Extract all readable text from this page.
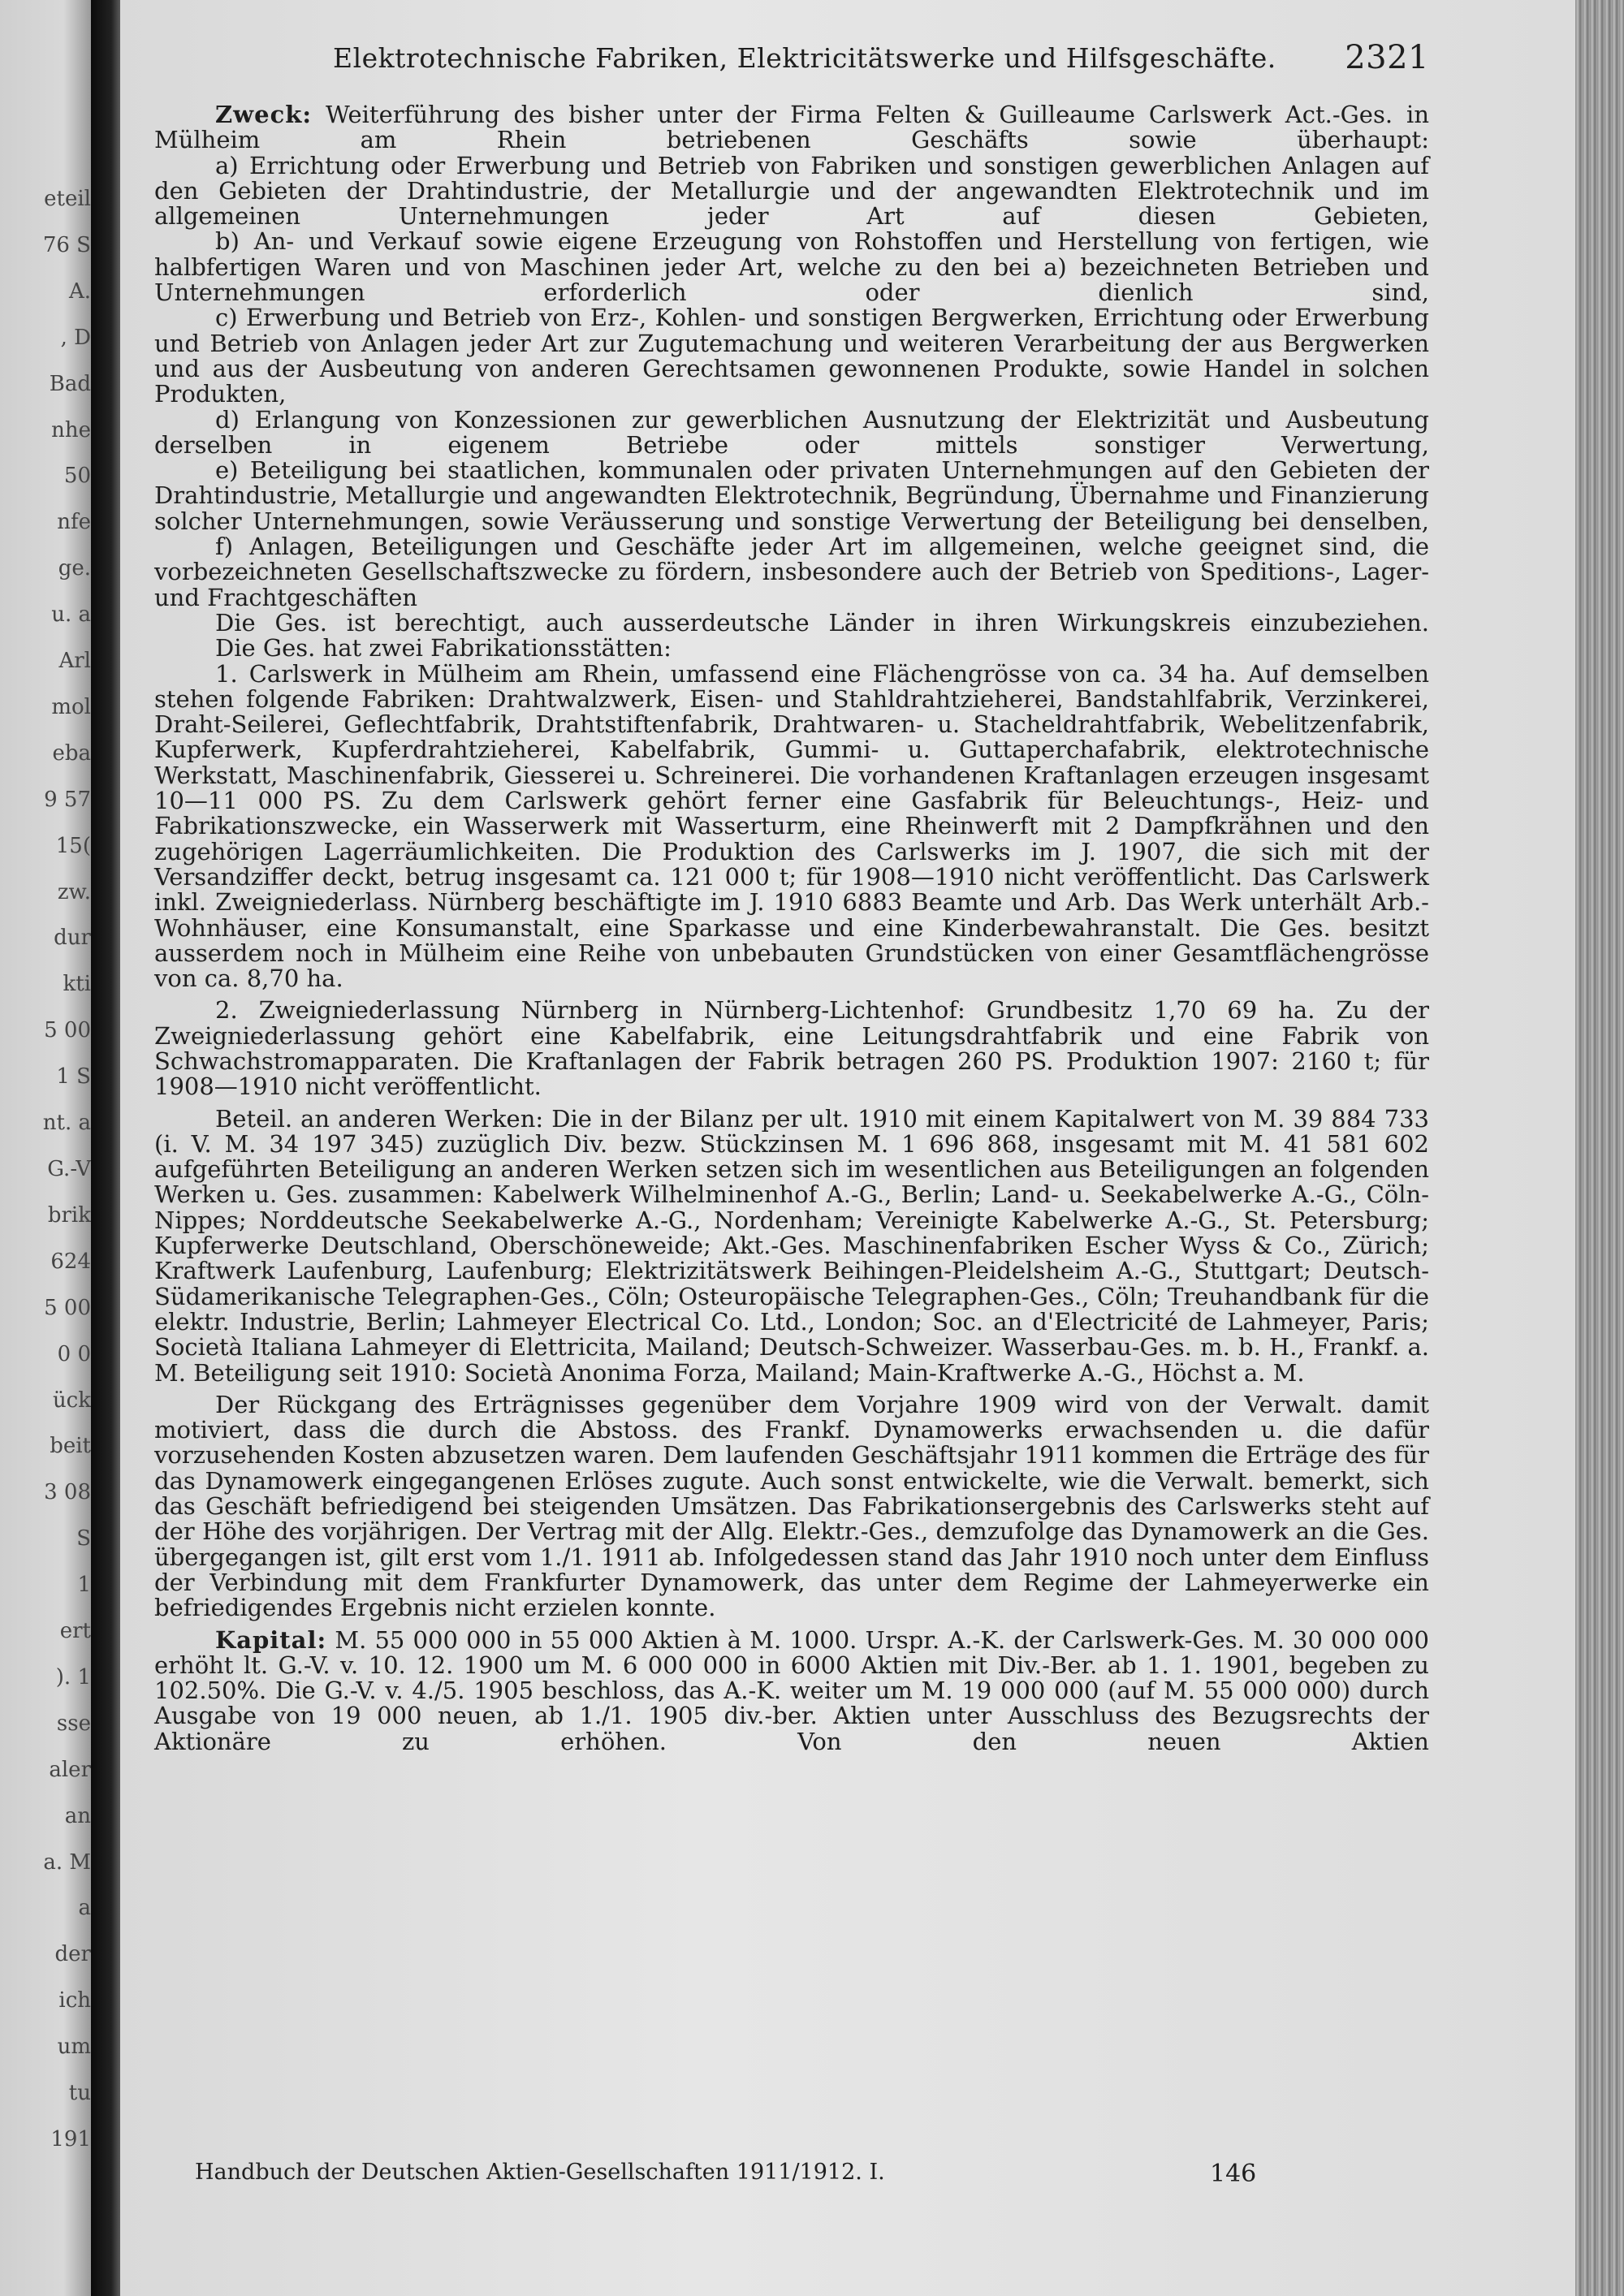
eteil
76 S
A.
, D
Bad
nhe
50
nfe
ge.
u. a
Arl
mol
eba
9 57
15(
zw.
dur
kti
5 00
1 S
nt. a
G.-V
brik
624
5 00
0 0
ück
beit
3 08
S
1
ert
). 1
sse
aler
an
a. M
a
der
ich
um
tu
191
Elektrotechnische Fabriken, Elektricitätswerke und Hilfsgeschäfte. 2321

Zweck: Weiterführung des bisher unter der Firma Felten & Guilleaume Carlswerk Act.-Ges. in Mülheim am Rhein betriebenen Geschäfts sowie überhaupt:

a) Errichtung oder Erwerbung und Betrieb von Fabriken und sonstigen gewerblichen Anlagen auf den Gebieten der Drahtindustrie, der Metallurgie und der angewandten Elektrotechnik und im allgemeinen Unternehmungen jeder Art auf diesen Gebieten,

b) An- und Verkauf sowie eigene Erzeugung von Rohstoffen und Herstellung von fertigen, wie halbfertigen Waren und von Maschinen jeder Art, welche zu den bei a) bezeichneten Betrieben und Unternehmungen erforderlich oder dienlich sind,

c) Erwerbung und Betrieb von Erz-, Kohlen- und sonstigen Bergwerken, Errichtung oder Erwerbung und Betrieb von Anlagen jeder Art zur Zugutemachung und weiteren Verarbeitung der aus Bergwerken und aus der Ausbeutung von anderen Gerechtsamen gewonnenen Produkte, sowie Handel in solchen Produkten,

d) Erlangung von Konzessionen zur gewerblichen Ausnutzung der Elektrizität und Ausbeutung derselben in eigenem Betriebe oder mittels sonstiger Verwertung,

e) Beteiligung bei staatlichen, kommunalen oder privaten Unternehmungen auf den Gebieten der Drahtindustrie, Metallurgie und angewandten Elektrotechnik, Begründung, Übernahme und Finanzierung solcher Unternehmungen, sowie Veräusserung und sonstige Verwertung der Beteiligung bei denselben,

f) Anlagen, Beteiligungen und Geschäfte jeder Art im allgemeinen, welche geeignet sind, die vorbezeichneten Gesellschaftszwecke zu fördern, insbesondere auch der Betrieb von Speditions-, Lager- und Frachtgeschäften

Die Ges. ist berechtigt, auch ausserdeutsche Länder in ihren Wirkungskreis einzubeziehen.

Die Ges. hat zwei Fabrikationsstätten:

1. Carlswerk in Mülheim am Rhein, umfassend eine Flächengrösse von ca. 34 ha. Auf demselben stehen folgende Fabriken: Drahtwalzwerk, Eisen- und Stahldrahtzieherei, Bandstahlfabrik, Verzinkerei, Draht-Seilerei, Geflechtfabrik, Drahtstiftenfabrik, Drahtwaren- u. Stacheldrahtfabrik, Webelitzenfabrik, Kupferwerk, Kupferdrahtzieherei, Kabelfabrik, Gummi- u. Guttaperchafabrik, elektrotechnische Werkstatt, Maschinenfabrik, Giesserei u. Schreinerei. Die vorhandenen Kraftanlagen erzeugen insgesamt 10—11 000 PS. Zu dem Carlswerk gehört ferner eine Gasfabrik für Beleuchtungs-, Heiz- und Fabrikationszwecke, ein Wasserwerk mit Wasserturm, eine Rheinwerft mit 2 Dampfkrähnen und den zugehörigen Lagerräumlichkeiten. Die Produktion des Carlswerks im J. 1907, die sich mit der Versandziffer deckt, betrug insgesamt ca. 121 000 t; für 1908—1910 nicht veröffentlicht. Das Carlswerk inkl. Zweigniederlass. Nürnberg beschäftigte im J. 1910 6883 Beamte und Arb. Das Werk unterhält Arb.-Wohnhäuser, eine Konsumanstalt, eine Sparkasse und eine Kinderbewahranstalt. Die Ges. besitzt ausserdem noch in Mülheim eine Reihe von unbebauten Grundstücken von einer Gesamtflächengrösse von ca. 8,70 ha.

2. Zweigniederlassung Nürnberg in Nürnberg-Lichtenhof: Grundbesitz 1,70 69 ha. Zu der Zweigniederlassung gehört eine Kabelfabrik, eine Leitungsdrahtfabrik und eine Fabrik von Schwachstromapparaten. Die Kraftanlagen der Fabrik betragen 260 PS. Produktion 1907: 2160 t; für 1908—1910 nicht veröffentlicht.

Beteil. an anderen Werken: Die in der Bilanz per ult. 1910 mit einem Kapitalwert von M. 39 884 733 (i. V. M. 34 197 345) zuzüglich Div. bezw. Stückzinsen M. 1 696 868, insgesamt mit M. 41 581 602 aufgeführten Beteiligung an anderen Werken setzen sich im wesentlichen aus Beteiligungen an folgenden Werken u. Ges. zusammen: Kabelwerk Wilhelminenhof A.-G., Berlin; Land- u. Seekabelwerke A.-G., Cöln-Nippes; Norddeutsche Seekabelwerke A.-G., Nordenham; Vereinigte Kabelwerke A.-G., St. Petersburg; Kupferwerke Deutschland, Oberschöneweide; Akt.-Ges. Maschinenfabriken Escher Wyss & Co., Zürich; Kraftwerk Laufenburg, Laufenburg; Elektrizitätswerk Beihingen-Pleidelsheim A.-G., Stuttgart; Deutsch-Südamerikanische Telegraphen-Ges., Cöln; Osteuropäische Telegraphen-Ges., Cöln; Treuhandbank für die elektr. Industrie, Berlin; Lahmeyer Electrical Co. Ltd., London; Soc. an d'Electricité de Lahmeyer, Paris; Società Italiana Lahmeyer di Elettricita, Mailand; Deutsch-Schweizer. Wasserbau-Ges. m. b. H., Frankf. a. M. Beteiligung seit 1910: Società Anonima Forza, Mailand; Main-Kraftwerke A.-G., Höchst a. M.

Der Rückgang des Erträgnisses gegenüber dem Vorjahre 1909 wird von der Verwalt. damit motiviert, dass die durch die Abstoss. des Frankf. Dynamowerks erwachsenden u. die dafür vorzusehenden Kosten abzusetzen waren. Dem laufenden Geschäftsjahr 1911 kommen die Erträge des für das Dynamowerk eingegangenen Erlöses zugute. Auch sonst entwickelte, wie die Verwalt. bemerkt, sich das Geschäft befriedigend bei steigenden Umsätzen. Das Fabrikationsergebnis des Carlswerks steht auf der Höhe des vorjährigen. Der Vertrag mit der Allg. Elektr.-Ges., demzufolge das Dynamowerk an die Ges. übergegangen ist, gilt erst vom 1./1. 1911 ab. Infolgedessen stand das Jahr 1910 noch unter dem Einfluss der Verbindung mit dem Frankfurter Dynamowerk, das unter dem Regime der Lahmeyerwerke ein befriedigendes Ergebnis nicht erzielen konnte.

Kapital: M. 55 000 000 in 55 000 Aktien à M. 1000. Urspr. A.-K. der Carlswerk-Ges. M. 30 000 000 erhöht lt. G.-V. v. 10. 12. 1900 um M. 6 000 000 in 6000 Aktien mit Div.-Ber. ab 1. 1. 1901, begeben zu 102.50%. Die G.-V. v. 4./5. 1905 beschloss, das A.-K. weiter um M. 19 000 000 (auf M. 55 000 000) durch Ausgabe von 19 000 neuen, ab 1./1. 1905 div.-ber. Aktien unter Ausschluss des Bezugsrechts der Aktionäre zu erhöhen. Von den neuen Aktien

Handbuch der Deutschen Aktien-Gesellschaften 1911/1912. I.	146
